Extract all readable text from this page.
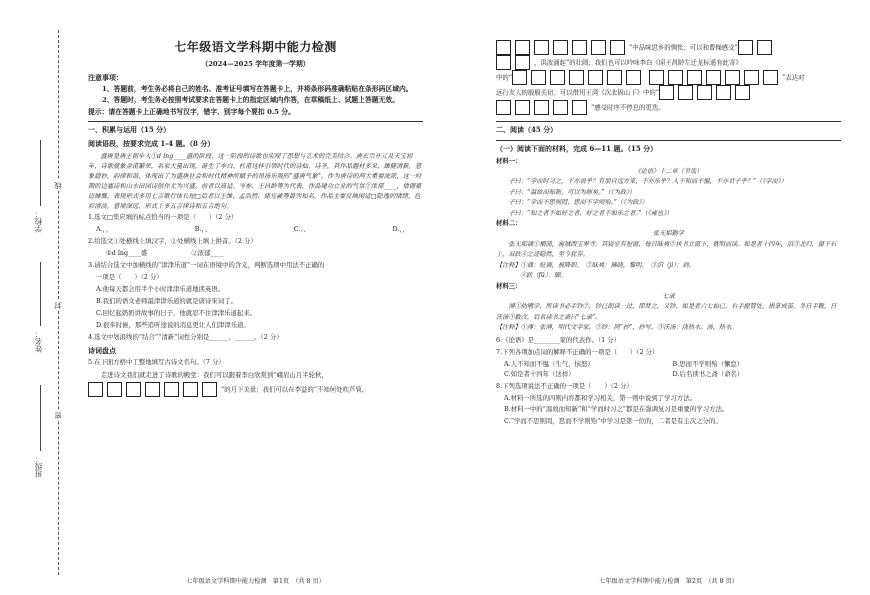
线
封
密
学校：
姓名：
班级：
七年级语文学科期中能力检测
（2024—2025 学年度第一学期）
注意事项：
1、答题前，考生务必将自己的姓名、准考证号填写在答题卡上，并将条形码准确粘贴在条形码区域内。
2、答题时，考生务必按照考试要求在答题卡上的指定区域内作答，在草稿纸上、试题上答题无效。
提示：请在答题卡上正确地书写汉字，错字、别字每个要扣 0.5 分。
一、积累与运用（15 分）
阅读语段，按要求完成 1-4 题。（8 分）
盛唐是唐王朝步入①d ǐng____盛的阶段，这一阶段的诗歌也实现了思想与艺术的完美结合。唐玄宗开元及天宝初年，诗歌就象金甫繁荣，名家大量出现，诞生了李白、杜甫这样引领时代的诗仙、诗圣，其作品题材多采，雄健清新，意象超妙，韵律和谐，体现出了为盛唐社会和时代精神所赋予的昂扬乐观的“盛唐气象”。作为唐诗的两大重要流派，这一时期的边塞诗和山水田园诗创作尤为兴盛。前者以高适、岑参、王昌龄等为代表，作品建功立业的气氛②浓郁____，情调豪迈慷慨，表现形式多用七言歌行体长短□后者以王维、孟浩然、储光羲等最为知名，作品主要反映闲适□隐逸的情绪，色彩清淡，意境深远，形式上多五言律诗和五言绝句。
1.选文□里应填的标点恰当的一项是（　　）（2 分）
A.，，	B.，、	C.；、	D.，，
2.给选文①处横线上填汉字，②处横线上填上拼音。（2 分）
①d ǐng____盛	②浓郁____
3.请结合选文中加横线的“津津乐道”一词在语境中的含义，判断选项中用法不正确的
一项是（　　）（2 分）
A.他每天都会用半个小时津津乐道地读英语。
B.我们的语文老师最津津乐道的就是唐诗宋词了。
C.回忆起奶奶讲故事的日子，他就忍不住津津乐道起来。
D.很多时候，那些追听途说的消息更让人们津津乐道。
4.选文中划浪线的“结合”“清新”词性分别是______、______。（2 分）
诗词盘点
5.在下面方格中工整地填写古诗文名句。（7 分）
走进诗文我们就走进了诗歌的殿堂：我们可以跟着李白欣赏到“峨眉山月半轮秋，
”的月下美景；我们可以在李益的“不知何处吹芦管，
七年级语文学科期中能力检测　第1页　（共 8 页）
”中品味思乡的惆怅；可以和曹操感受“
，洪波涌起”的壮阔；我们也可以吟咏李白《闻王昌龄左迁龙标遥有此寄》
中的“	”表达对
远行友人的殷殷关切；可以借用王湾《次北固山下》中的“
”感受时序不停息的更迭。
二、阅读（45 分）
（一）阅读下面的材料，完成 6—11 题。（15 分）
材料一：
《论语》十二章（节选）
子曰：“学而时习之，不亦说乎？有朋自远方来，不亦乐乎？人不知而不愠，不亦君子乎？”（《学而》）
子曰：“温故而知新，可以为师矣。”（《为政》）
子曰：“学而不思则罔，思而不学则殆。”（《为政》）
子曰：“知之者不如好之者，好之者不如乐之者。”（《雍也》）
材料二：
张无垢勤学
张无垢谪①横浦，寓城西宝界寺。其寝室有短窗，每日昧爽②执书立窗下，就明而读。如是者十四年，洎③北归，窗下石上，双趺④之迹隐然，至今犹存。
【注释】①谪：贬谪，被降职。　②昧爽：拂晓，黎明。　③洎（jì）：到。
④趺（fū）：脚。
材料三：
七录
溥①幼嗜学，所读书必手钞②，钞已朗读一过，即焚之，又钞，如是者六七始已。右手握管处，指掌成茧。冬日手皲，日沃汤③数次。后名读书之斋曰“七录”。
【注释】①溥：张溥，明代文学家。②钞：同“抄”，抄写。③沃汤：浇热水。汤，热水。
6.《论语》是________家的代表作。（1 分）
7.下列各项加点词的解释不正确的一项是（　　）（2 分）
A.人不知而不愠（生气，恼怒）	B.思而不学则殆（懈怠）
C.如是者十四年（这样）	D.后名读书之斋（命名）
8.下列选项说法不正确的一项是（　　）（2 分）
A.材料一所选的四则内容都和学习相关，第一则中说到了学习方法。
B.材料一中的“温故而知新”和“学而时习之”都是在强调复习是重要的学习方法。
C.“学而不思则罔，思而不学则殆”中学习是第一位的，二者是有主次之分的。
七年级语文学科期中能力检测　第2页　（共 8 页）
